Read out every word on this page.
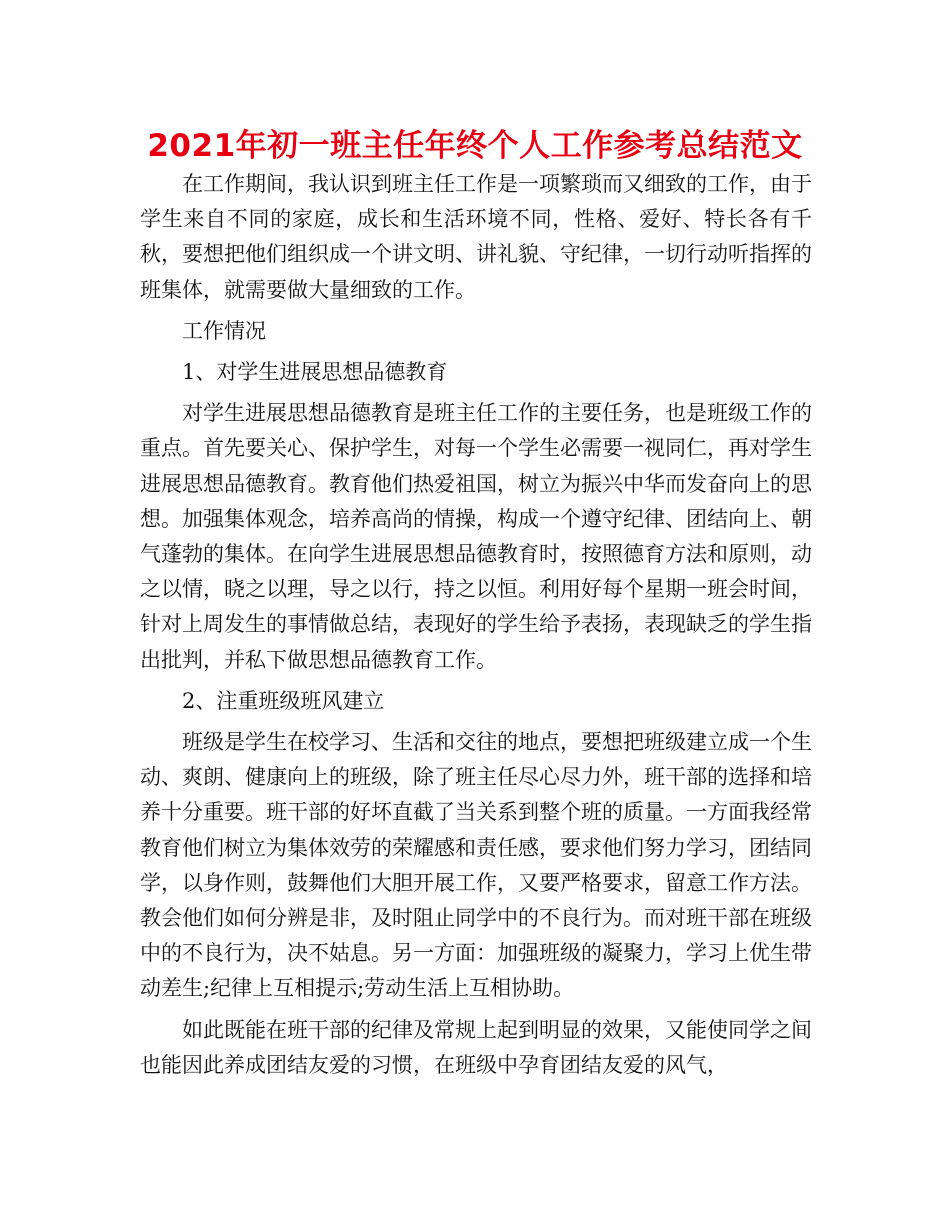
2021年初一班主任年终个人工作参考总结范文

在工作期间，我认识到班主任工作是一项繁琐而又细致的工作，由于学生来自不同的家庭，成长和生活环境不同，性格、爱好、特长各有千秋，要想把他们组织成一个讲文明、讲礼貌、守纪律，一切行动听指挥的班集体，就需要做大量细致的工作。

工作情况

1、对学生进展思想品德教育

对学生进展思想品德教育是班主任工作的主要任务，也是班级工作的重点。首先要关心、保护学生，对每一个学生必需要一视同仁，再对学生进展思想品德教育。教育他们热爱祖国，树立为振兴中华而发奋向上的思想。加强集体观念，培养高尚的情操，构成一个遵守纪律、团结向上、朝气蓬勃的集体。在向学生进展思想品德教育时，按照德育方法和原则，动之以情，晓之以理，导之以行，持之以恒。利用好每个星期一班会时间，针对上周发生的事情做总结，表现好的学生给予表扬，表现缺乏的学生指出批判，并私下做思想品德教育工作。

2、注重班级班风建立

班级是学生在校学习、生活和交往的地点，要想把班级建立成一个生动、爽朗、健康向上的班级，除了班主任尽心尽力外，班干部的选择和培养十分重要。班干部的好坏直截了当关系到整个班的质量。一方面我经常教育他们树立为集体效劳的荣耀感和责任感，要求他们努力学习，团结同学，以身作则，鼓舞他们大胆开展工作，又要严格要求，留意工作方法。教会他们如何分辨是非，及时阻止同学中的不良行为。而对班干部在班级中的不良行为，决不姑息。另一方面：加强班级的凝聚力，学习上优生带动差生;纪律上互相提示;劳动生活上互相协助。

如此既能在班干部的纪律及常规上起到明显的效果，又能使同学之间也能因此养成团结友爱的习惯，在班级中孕育团结友爱的风气，
